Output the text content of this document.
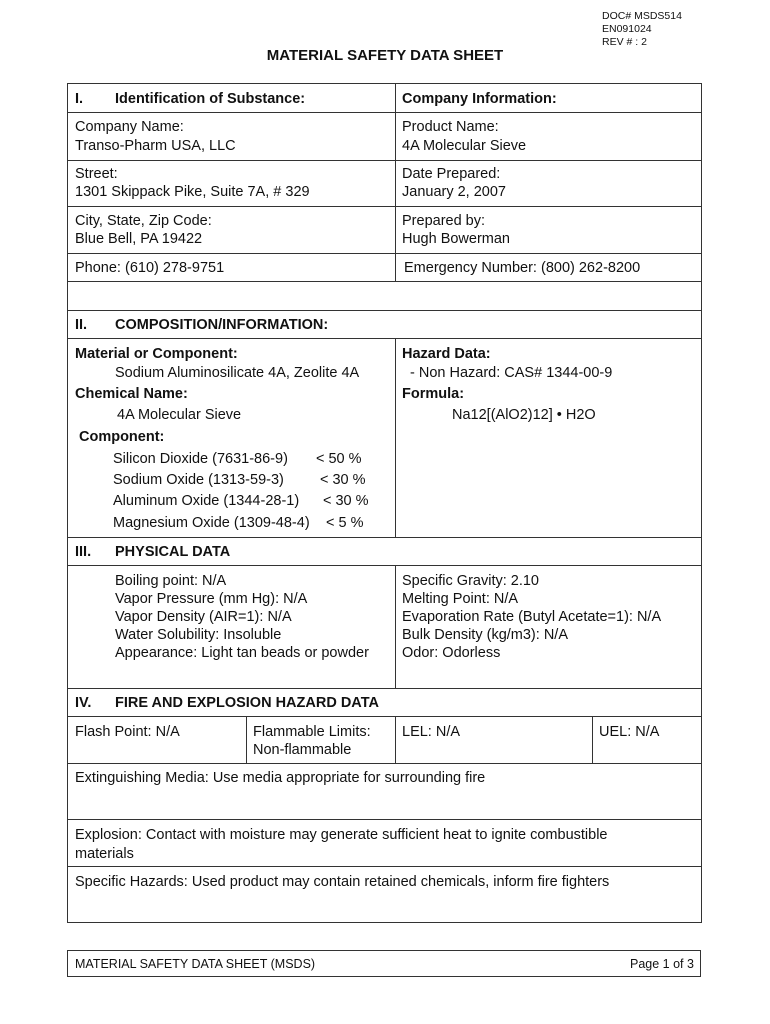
DOC# MSDS514
EN091024
REV # : 2
MATERIAL SAFETY DATA SHEET
I. Identification of Substance:	Company Information:
Company Name:
Transo-Pharm USA, LLC
Product Name:
4A Molecular Sieve
Street:
1301 Skippack Pike, Suite 7A, # 329
Date Prepared:
January 2, 2007
City, State, Zip Code:
Blue Bell, PA 19422
Prepared by:
Hugh Bowerman
Phone: (610) 278-9751	Emergency Number: (800) 262-8200
II. COMPOSITION/INFORMATION:
Material or Component:
Sodium Aluminosilicate 4A, Zeolite 4A
Chemical Name:
4A Molecular Sieve
Component:
Silicon Dioxide (7631-86-9) < 50 %
Sodium Oxide (1313-59-3) < 30 %
Aluminum Oxide (1344-28-1) < 30 %
Magnesium Oxide (1309-48-4) < 5 %
Hazard Data:
- Non Hazard: CAS# 1344-00-9
Formula:
Na12[(AlO2)12] • H2O
III. PHYSICAL DATA
Boiling point: N/A
Vapor Pressure (mm Hg): N/A
Vapor Density (AIR=1): N/A
Water Solubility: Insoluble
Appearance: Light tan beads or powder
Specific Gravity: 2.10
Melting Point: N/A
Evaporation Rate (Butyl Acetate=1): N/A
Bulk Density (kg/m3): N/A
Odor: Odorless
IV. FIRE AND EXPLOSION HAZARD DATA
Flash Point: N/A	Flammable Limits:
Non-flammable
LEL: N/A	UEL: N/A
Extinguishing Media: Use media appropriate for surrounding fire
Explosion: Contact with moisture may generate sufficient heat to ignite combustible
materials
Specific Hazards: Used product may contain retained chemicals, inform fire fighters
MATERIAL SAFETY DATA SHEET (MSDS)	Page 1 of 3
